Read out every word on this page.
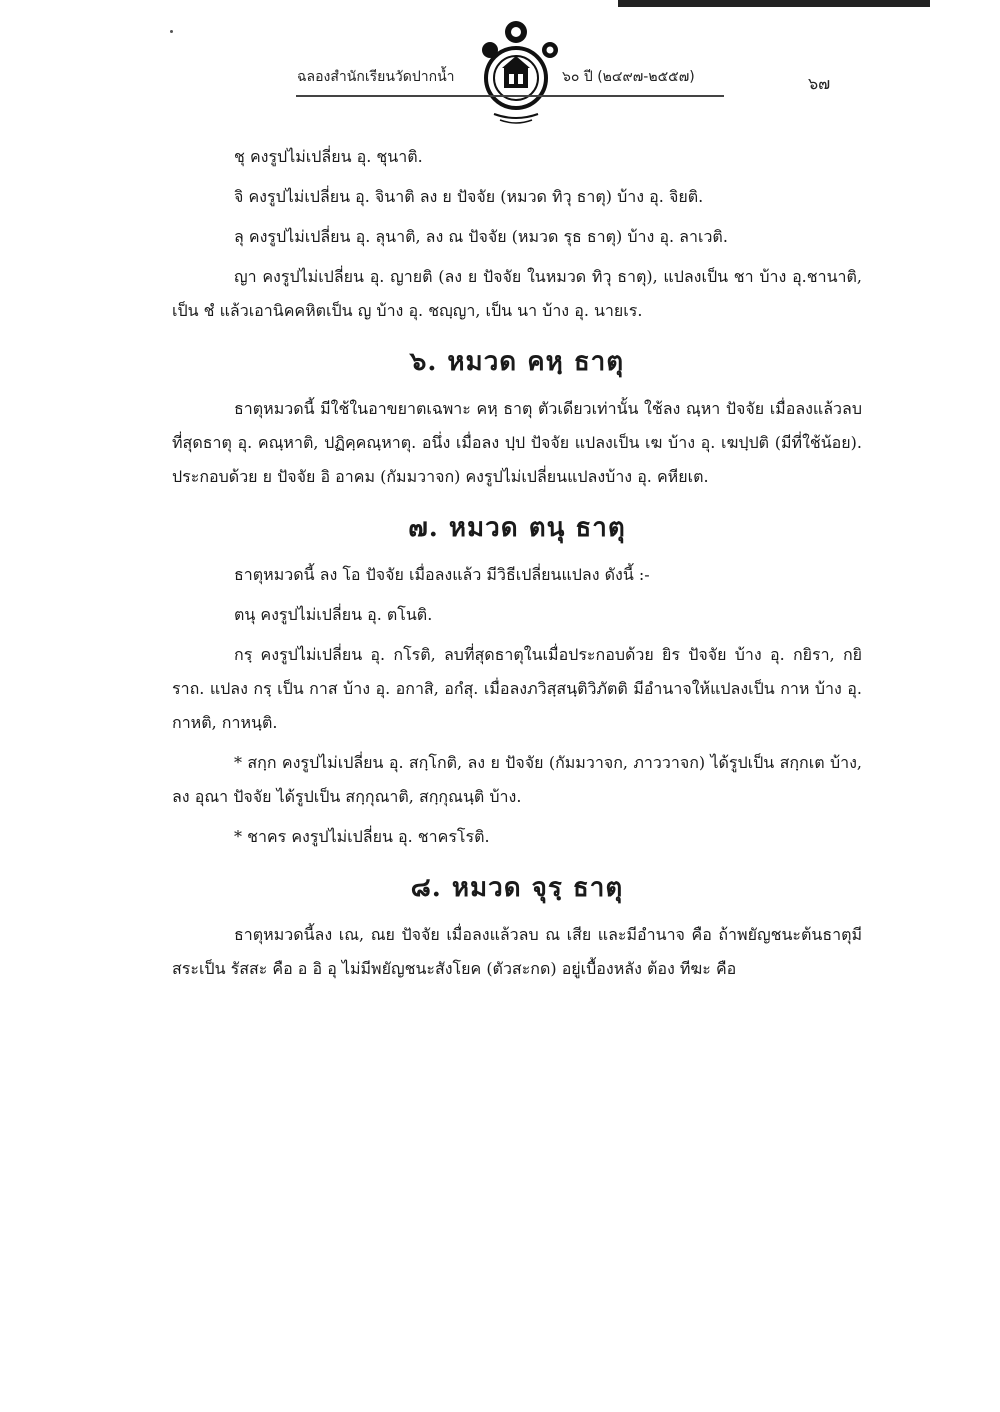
ฉลองสำนักเรียนวัดปากน้ำ	๖๐ ปี (๒๔๙๗-๒๕๕๗)	๖๗

ชุ คงรูปไม่เปลี่ยน อุ. ชุนาติ.

จิ คงรูปไม่เปลี่ยน อุ. จินาติ ลง ย ปัจจัย (หมวด ทิวุ ธาตุ) บ้าง อุ. จิยติ.

ลุ คงรูปไม่เปลี่ยน อุ. ลุนาติ, ลง ณ ปัจจัย (หมวด รุธ ธาตุ) บ้าง อุ. ลาเวติ.

ญา คงรูปไม่เปลี่ยน อุ. ญายติ (ลง ย ปัจจัย ในหมวด ทิวุ ธาตุ), แปลงเป็น ชา บ้าง อุ.ชานาติ, เป็น ชํ แล้วเอานิคคหิตเป็น ญ บ้าง อุ. ชญฺญา, เป็น นา บ้าง อุ. นายเร.

๖. หมวด คหฺ ธาตุ

ธาตุหมวดนี้ มีใช้ในอาขยาตเฉพาะ คหฺ ธาตุ ตัวเดียวเท่านั้น ใช้ลง ณฺหา ปัจจัย เมื่อลงแล้วลบที่สุดธาตุ อุ. คณฺหาติ, ปฏิคฺคณฺหาตุ. อนึ่ง เมื่อลง ปฺป ปัจจัย แปลงเป็น เฆ บ้าง อุ. เฆปฺปติ (มีที่ใช้น้อย). ประกอบด้วย ย ปัจจัย อิ อาคม (กัมมวาจก) คงรูปไม่เปลี่ยนแปลงบ้าง อุ. คหียเต.

๗. หมวด ตนุ ธาตุ

ธาตุหมวดนี้ ลง โอ ปัจจัย เมื่อลงแล้ว มีวิธีเปลี่ยนแปลง ดังนี้ :-

ตนุ คงรูปไม่เปลี่ยน อุ. ตโนติ.

กรฺ คงรูปไม่เปลี่ยน อุ. กโรติ, ลบที่สุดธาตุในเมื่อประกอบด้วย ยิร ปัจจัย บ้าง อุ. กยิรา, กยิราถ. แปลง กรฺ เป็น กาส บ้าง อุ. อกาสิ, อกํสุ. เมื่อลงภวิสฺสนฺติวิภัตติ มีอำนาจให้แปลงเป็น กาห บ้าง อุ. กาหติ, กาหนฺติ.

* สกฺก คงรูปไม่เปลี่ยน อุ. สกฺโกติ, ลง ย ปัจจัย (กัมมวาจก, ภาววาจก) ได้รูปเป็น สกฺกเต บ้าง, ลง อุณา ปัจจัย ได้รูปเป็น สกฺกุณาติ, สกฺกุณนฺติ บ้าง.

* ชาคร คงรูปไม่เปลี่ยน อุ. ชาครโรติ.

๘. หมวด จุรฺ ธาตุ

ธาตุหมวดนี้ลง เณ, ณย ปัจจัย เมื่อลงแล้วลบ ณ เสีย และมีอำนาจ คือ ถ้าพยัญชนะต้นธาตุมีสระเป็น รัสสะ คือ อ อิ อุ ไม่มีพยัญชนะสังโยค (ตัวสะกด) อยู่เบื้องหลัง ต้อง ทีฆะ คือ
